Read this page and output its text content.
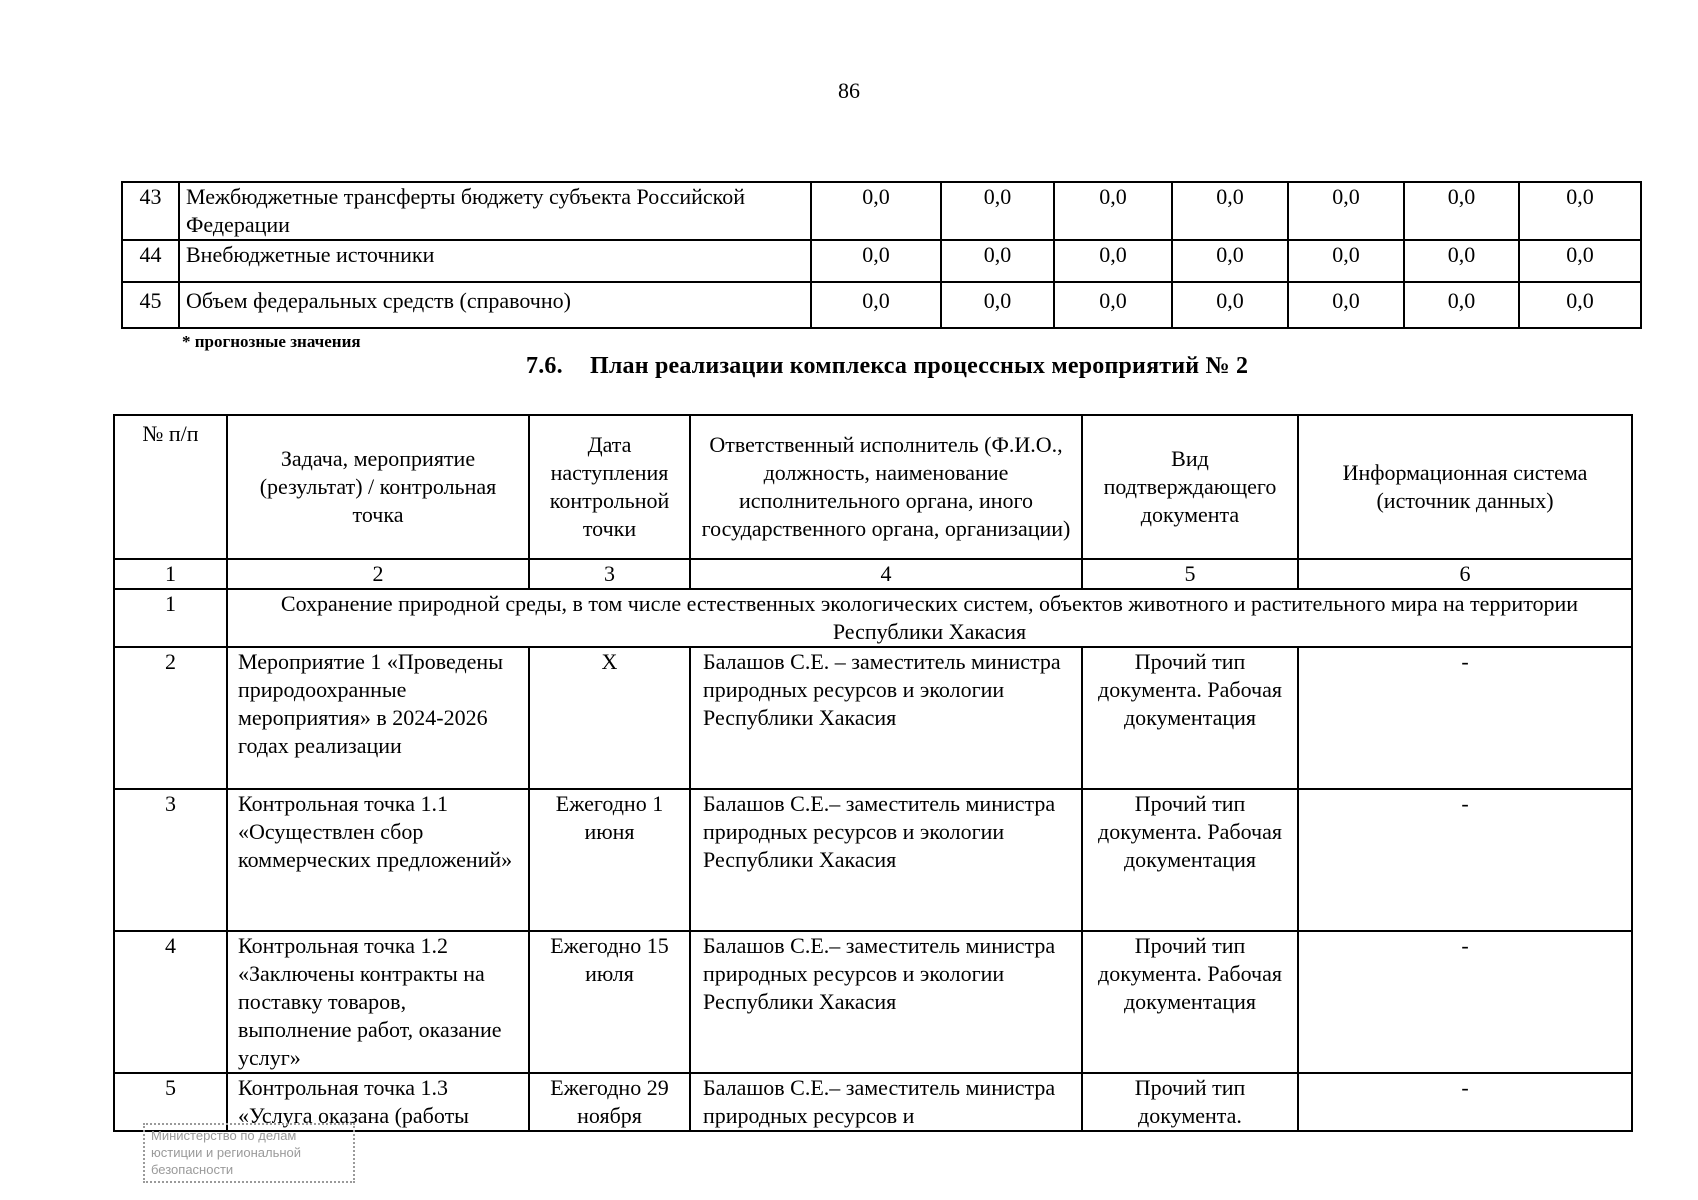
86
43	Межбюджетные трансферты бюджету субъекта Российской Федерации	0,0	0,0	0,0	0,0	0,0	0,0	0,0
44	Внебюджетные источники	0,0	0,0	0,0	0,0	0,0	0,0	0,0
45	Объем федеральных средств (справочно)	0,0	0,0	0,0	0,0	0,0	0,0	0,0
* прогнозные значения
7.6. План реализации комплекса процессных мероприятий № 2
№ п/п	Задача, мероприятие (результат) / контрольная точка	Дата наступления контрольной точки	Ответственный исполнитель (Ф.И.О., должность, наименование исполнительного органа, иного государственного органа, организации)	Вид подтверждающего документа	Информационная система (источник данных)
1	2	3	4	5	6
1	Сохранение природной среды, в том числе естественных экологических систем, объектов животного и растительного мира на территории Республики Хакасия				
2	Мероприятие 1 «Проведены природоохранные мероприятия» в 2024-2026 годах реализации	Х	Балашов С.Е. – заместитель министра природных ресурсов и экологии Республики Хакасия	Прочий тип документа. Рабочая документация	-
3	Контрольная точка 1.1 «Осуществлен сбор коммерческих предложений»	Ежегодно 1 июня	Балашов С.Е.– заместитель министра природных ресурсов и экологии Республики Хакасия	Прочий тип документа. Рабочая документация	-
4	Контрольная точка 1.2 «Заключены контракты на поставку товаров, выполнение работ, оказание услуг»	Ежегодно 15 июля	Балашов С.Е.– заместитель министра природных ресурсов и экологии Республики Хакасия	Прочий тип документа. Рабочая документация	-
5	Контрольная точка 1.3 «Услуга оказана (работы	Ежегодно 29 ноября	Балашов С.Е.– заместитель министра природных ресурсов и	Прочий тип документа.	-
Министерство по делам
юстиции и региональной
безопасности
